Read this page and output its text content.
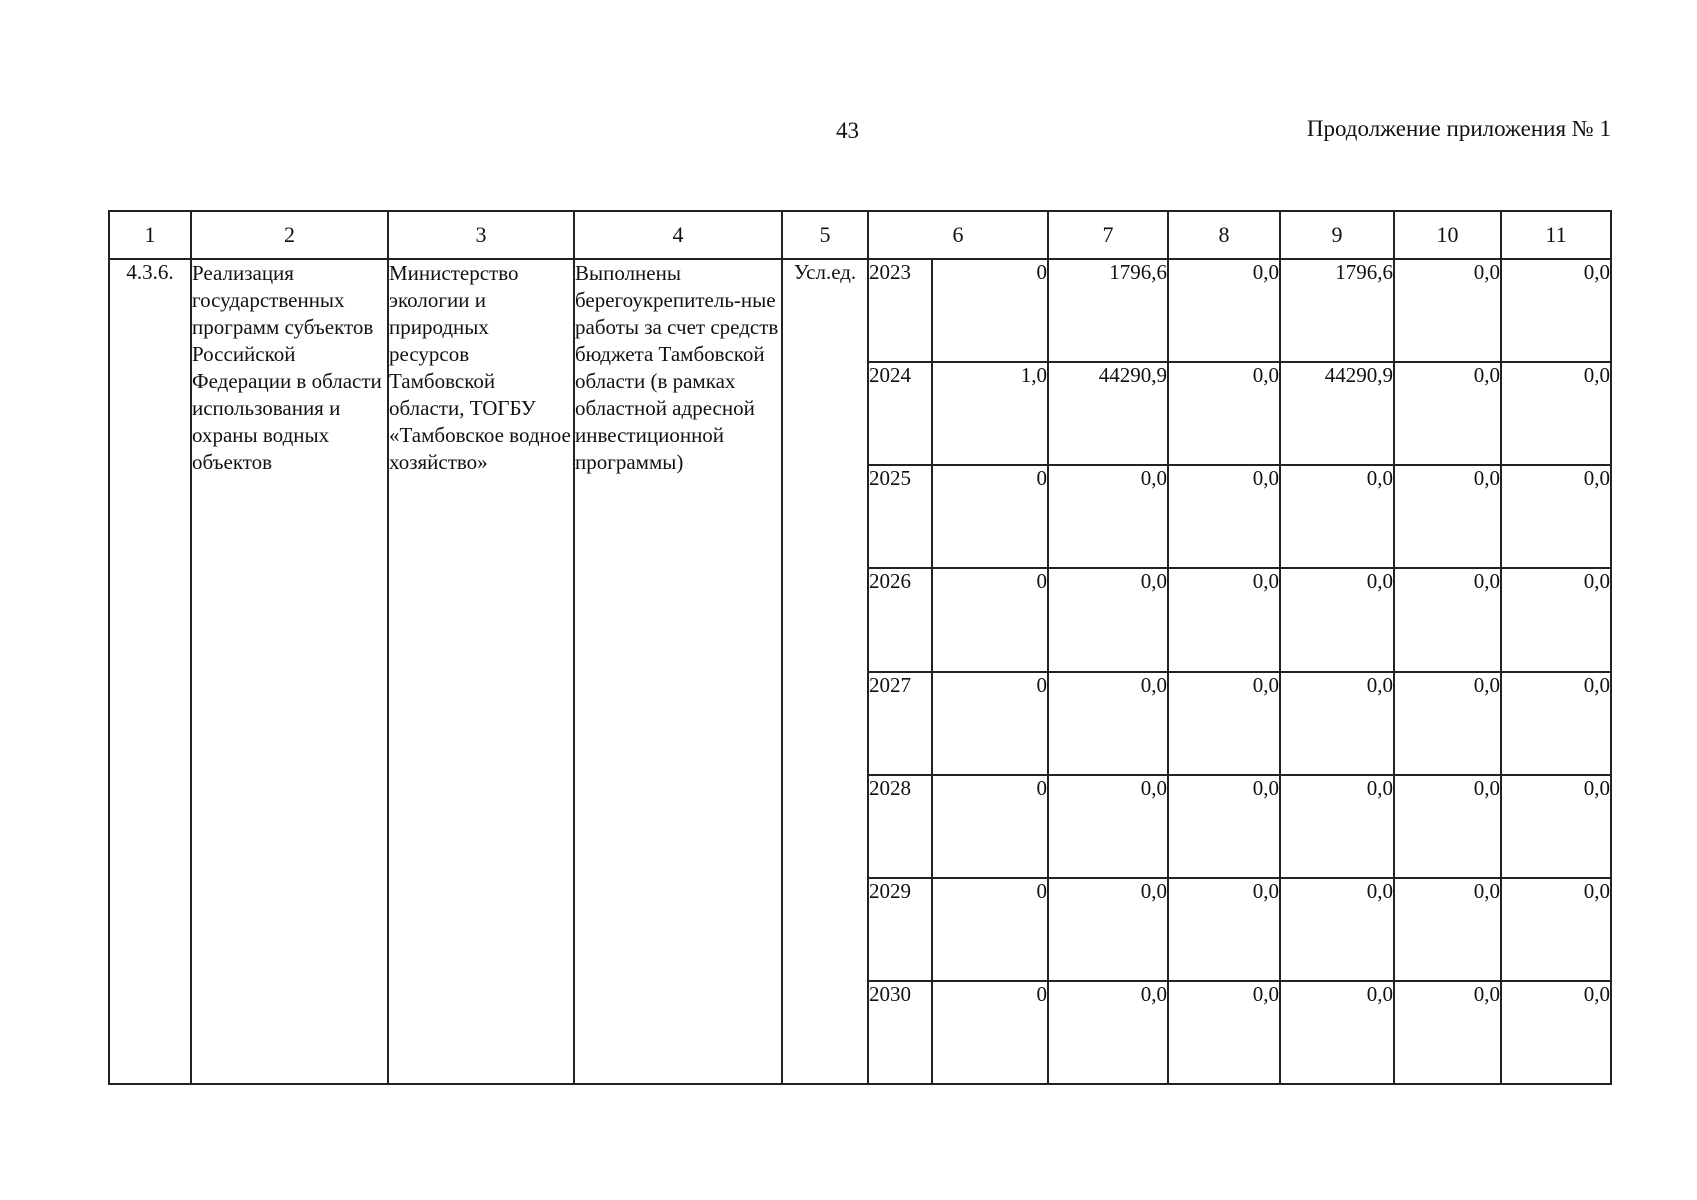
43	Продолжение приложения № 1
1	2	3	4	5	6		7	8	9	10	11
4.3.6.	Реализация государственных программ субъектов Российской Федерации в области использования и охраны водных объектов	Министерство экологии и природных ресурсов Тамбовской области, ТОГБУ «Тамбовское водное хозяйство»	Выполнены берегоукрепитель-ные работы за счет средств бюджета Тамбовской области (в рамках областной адресной инвестиционной программы)	Усл.ед.	2023	0	1796,6	0,0	1796,6	0,0	0,0
					2024	1,0	44290,9	0,0	44290,9	0,0	0,0
					2025	0	0,0	0,0	0,0	0,0	0,0
					2026	0	0,0	0,0	0,0	0,0	0,0
					2027	0	0,0	0,0	0,0	0,0	0,0
					2028	0	0,0	0,0	0,0	0,0	0,0
					2029	0	0,0	0,0	0,0	0,0	0,0
					2030	0	0,0	0,0	0,0	0,0	0,0
